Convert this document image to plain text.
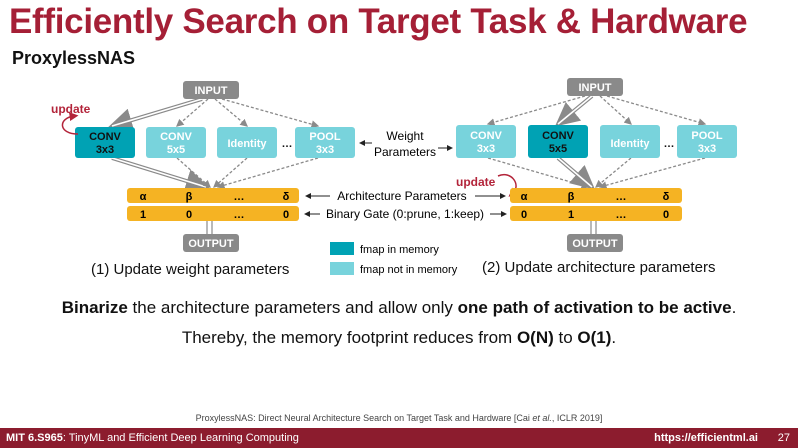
Efficiently Search on Target Task & Hardware
ProxylessNAS
INPUT
CONV
3x3
CONV
5x5	Identity …
POOL
3x3
update
α	β	…	δ
1	0	…	0
OUTPUT
Weight
Parameters
Architecture Parameters
Binary Gate (0:prune, 1:keep)
INPUT
CONV
3x3
CONV
5x5	Identity …
POOL
3x3
update
α	β	…	δ
0	1	…	0
OUTPUT
fmap in memory
fmap not in memory
(1) Update weight parameters	(2) Update architecture parameters
Binarize the architecture parameters and allow only one path of activation to be active.
Thereby, the memory footprint reduces from O(N) to O(1).
ProxylessNAS: Direct Neural Architecture Search on Target Task and Hardware [Cai et al., ICLR 2019]
MIT 6.S965: TinyML and Efficient Deep Learning Computing	https://efficientml.ai 27
